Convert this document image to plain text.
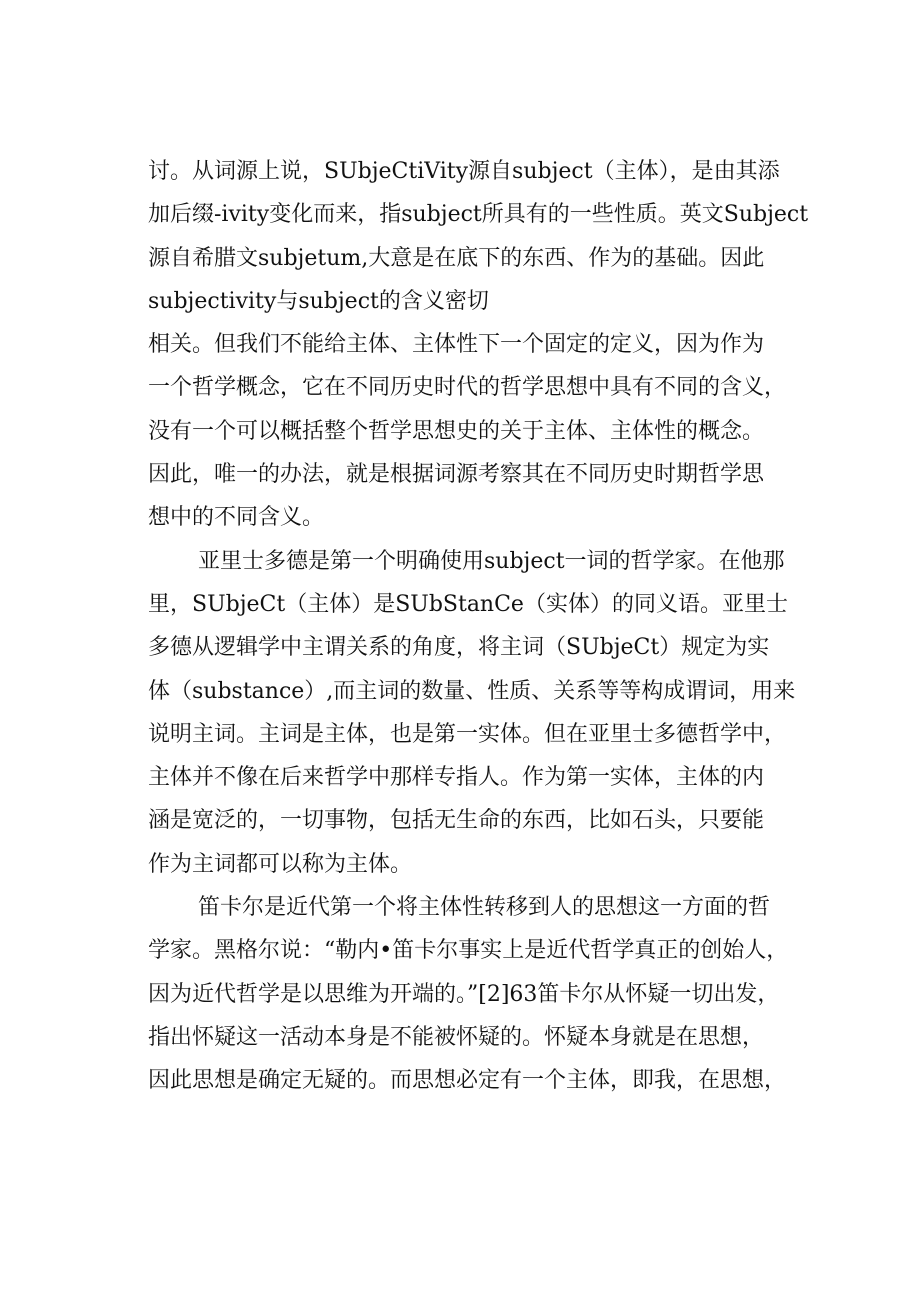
讨。从词源上说，SUbjeCtiVity源自subject（主体），是由其添
加后缀-ivity变化而来，指subject所具有的一些性质。英文Subject
源自希腊文subjetum,大意是在底下的东西、作为的基础。因此
subjectivity与subject的含义密切
相关。但我们不能给主体、主体性下一个固定的定义，因为作为
一个哲学概念，它在不同历史时代的哲学思想中具有不同的含义，
没有一个可以概括整个哲学思想史的关于主体、主体性的概念。
因此，唯一的办法，就是根据词源考察其在不同历史时期哲学思
想中的不同含义。
亚里士多德是第一个明确使用subject一词的哲学家。在他那
里，SUbjeCt（主体）是SUbStanCe（实体）的同义语。亚里士
多德从逻辑学中主谓关系的角度，将主词（SUbjeCt）规定为实
体（substance）,而主词的数量、性质、关系等等构成谓词，用来
说明主词。主词是主体，也是第一实体。但在亚里士多德哲学中，
主体并不像在后来哲学中那样专指人。作为第一实体，主体的内
涵是宽泛的，一切事物，包括无生命的东西，比如石头，只要能
作为主词都可以称为主体。
笛卡尔是近代第一个将主体性转移到人的思想这一方面的哲
学家。黑格尔说：“勒内•笛卡尔事实上是近代哲学真正的创始人，
因为近代哲学是以思维为开端的。”[2]63笛卡尔从怀疑一切出发，
指出怀疑这一活动本身是不能被怀疑的。怀疑本身就是在思想，
因此思想是确定无疑的。而思想必定有一个主体，即我，在思想，
